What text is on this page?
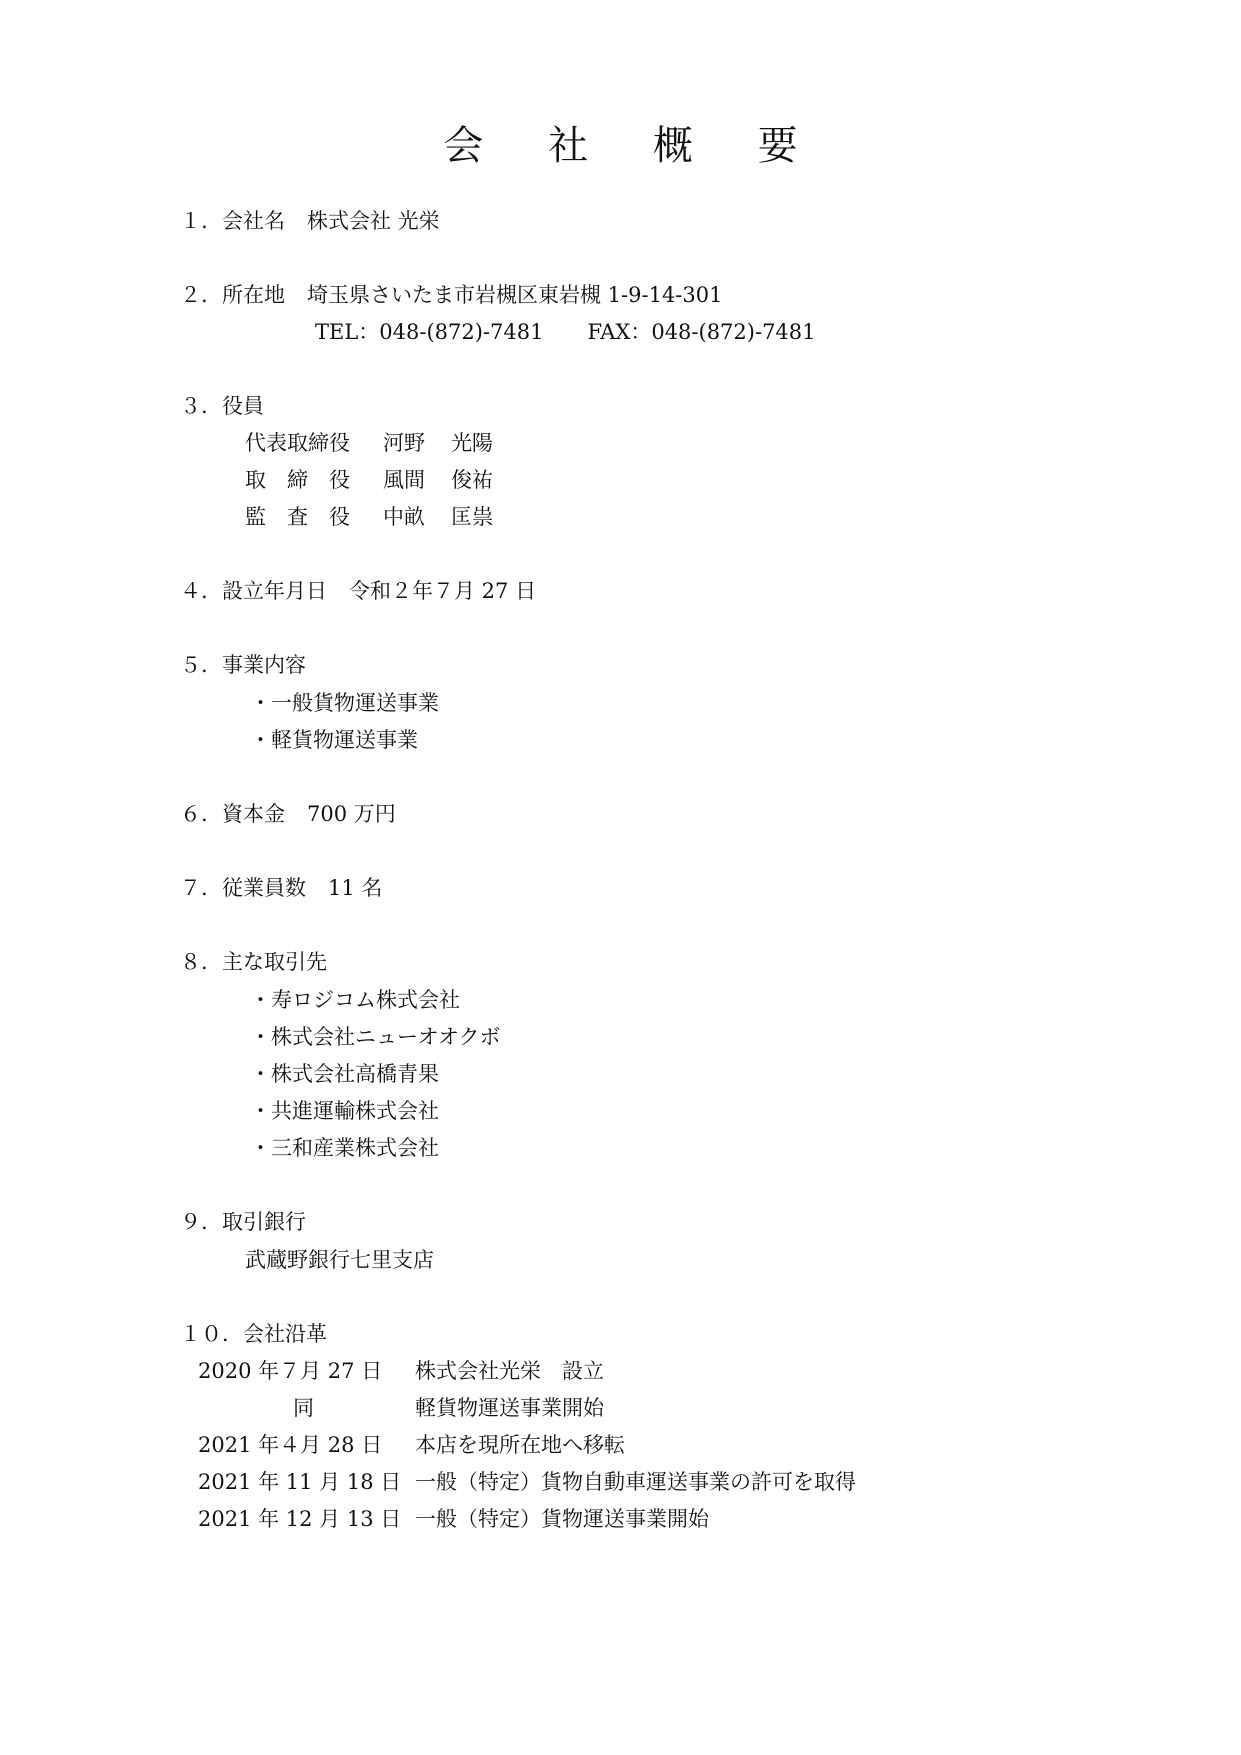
会 社 概 要
１. 会社名 株式会社 光栄
２. 所在地 埼玉県さいたま市岩槻区東岩槻 1-9-14-301
TEL：048-(872)-7481 FAX：048-(872)-7481
３. 役員
代表取締役 河野 光陽
取　締　役 風間 俊祐
監　査　役 中畝 匡祟
４. 設立年月日 令和２年７月 27 日
５. 事業内容
・一般貨物運送事業
・軽貨物運送事業
６. 資本金 700 万円
７. 従業員数 11 名
８. 主な取引先
・寿ロジコム株式会社
・株式会社ニューオオクボ
・株式会社高橋青果
・共進運輸株式会社
・三和産業株式会社
９. 取引銀行
武蔵野銀行七里支店
１０．会社沿革
2020 年７月 27 日 株式会社光栄　設立
同	軽貨物運送事業開始
2021 年４月 28 日 本店を現所在地へ移転
2021 年 11 月 18 日 一般（特定）貨物自動車運送事業の許可を取得
2021 年 12 月 13 日 一般（特定）貨物運送事業開始
